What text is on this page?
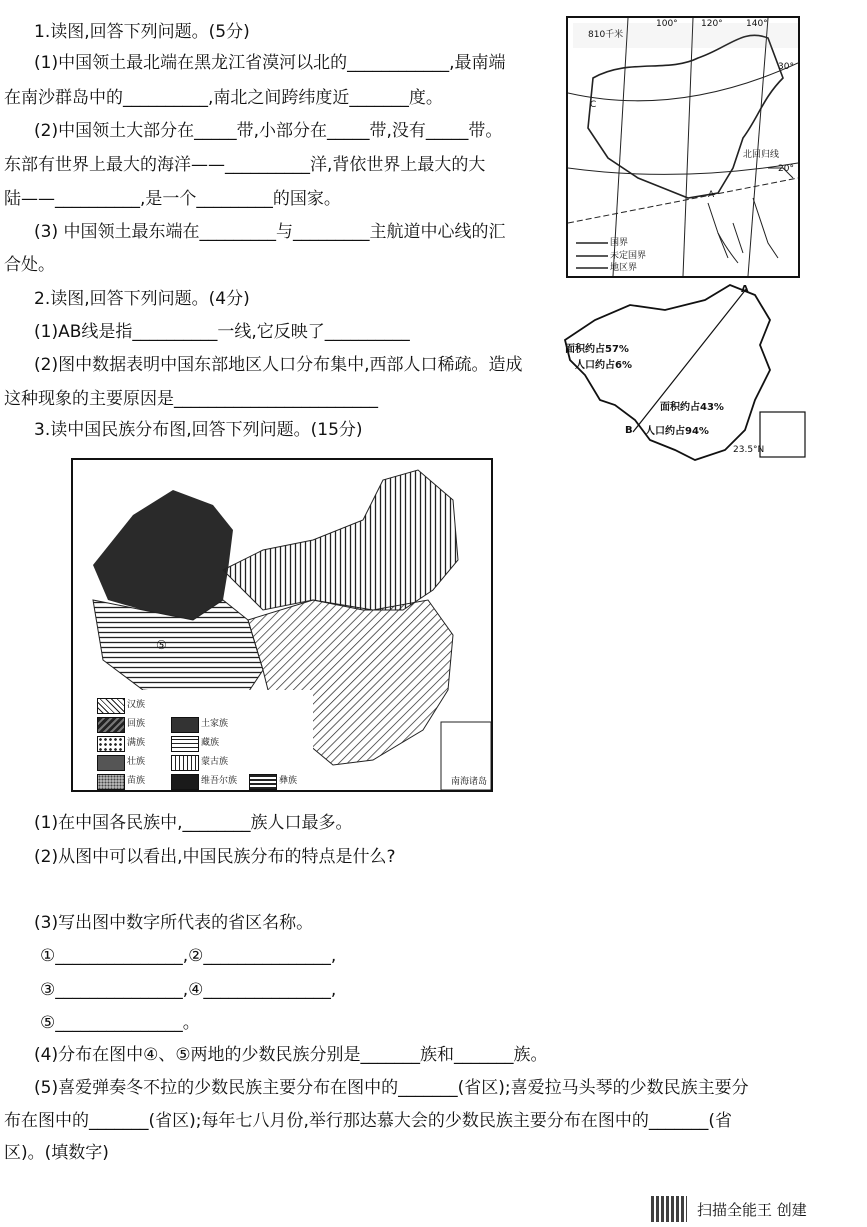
1.读图,回答下列问题。(5分)
(1)中国领土最北端在黑龙江省漠河以北的____________,最南端
在南沙群岛中的__________,南北之间跨纬度近_______度。
(2)中国领土大部分在_____带,小部分在_____带,没有_____带。
东部有世界上最大的海洋——__________洋,背依世界上最大的大
陆——__________,是一个_________的国家。
(3) 中国领土最东端在_________与_________主航道中心线的汇
合处。
810千米
100°	120°	140°
30°
20°
北回归线
C
A
国界
未定国界
地区界
2.读图,回答下列问题。(4分)
(1)AB线是指__________一线,它反映了__________
(2)图中数据表明中国东部地区人口分布集中,西部人口稀疏。造成
这种现象的主要原因是________________________
A
B
面积约占57%
人口约占6%
面积约占43%
人口约占94%
23.5°N
3.读中国民族分布图,回答下列问题。(15分)
⑤
南海诸岛
汉族
回族
满族
壮族
苗族
土家族
藏族
蒙古族
维吾尔族	彝族
(1)在中国各民族中,________族人口最多。
(2)从图中可以看出,中国民族分布的特点是什么?
(3)写出图中数字所代表的省区名称。
①_______________,②_______________,
③_______________,④_______________,
⑤_______________。
(4)分布在图中④、⑤两地的少数民族分别是_______族和_______族。
(5)喜爱弹奏冬不拉的少数民族主要分布在图中的_______(省区);喜爱拉马头琴的少数民族主要分
布在图中的_______(省区);每年七八月份,举行那达慕大会的少数民族主要分布在图中的_______(省
区)。(填数字)
扫描全能王 创建
